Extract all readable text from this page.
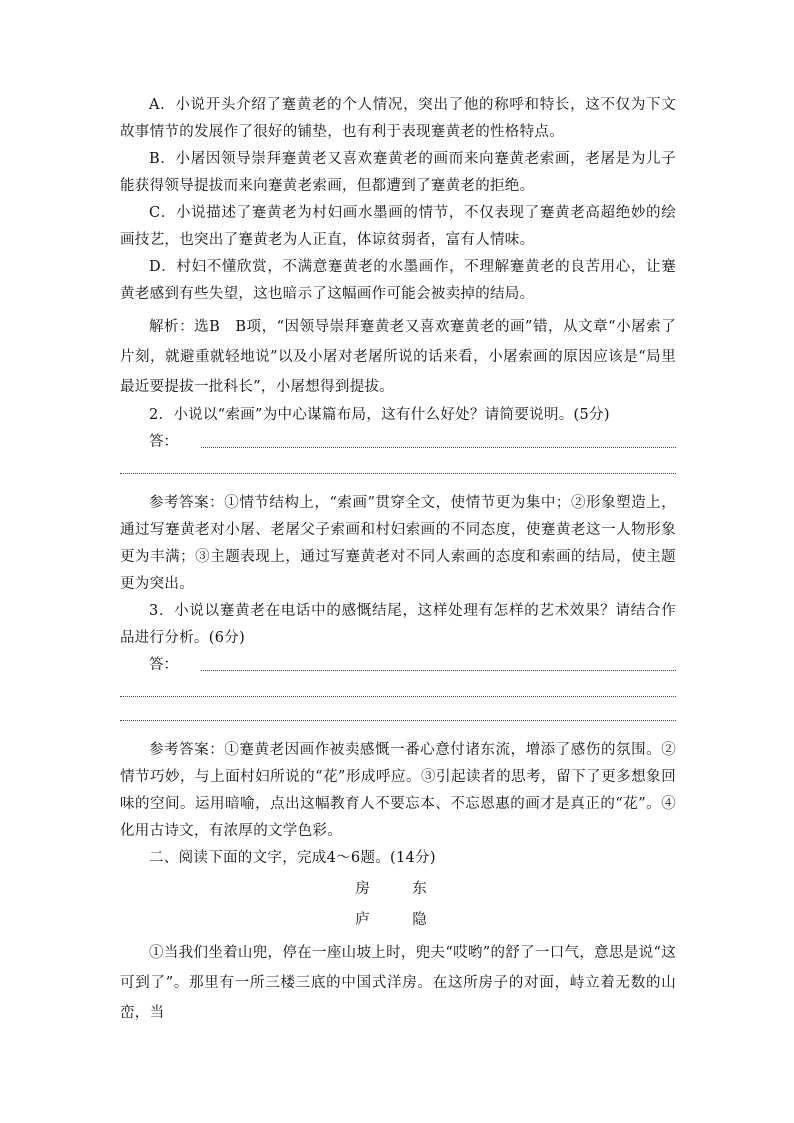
A．小说开头介绍了蹇黄老的个人情况，突出了他的称呼和特长，这不仅为下文故事情节的发展作了很好的铺垫，也有利于表现蹇黄老的性格特点。

B．小屠因领导崇拜蹇黄老又喜欢蹇黄老的画而来向蹇黄老索画，老屠是为儿子能获得领导提拔而来向蹇黄老索画，但都遭到了蹇黄老的拒绝。

C．小说描述了蹇黄老为村妇画水墨画的情节，不仅表现了蹇黄老高超绝妙的绘画技艺，也突出了蹇黄老为人正直，体谅贫弱者，富有人情味。

D．村妇不懂欣赏，不满意蹇黄老的水墨画作，不理解蹇黄老的良苦用心，让蹇黄老感到有些失望，这也暗示了这幅画作可能会被卖掉的结局。

解析：选B　B项，“因领导崇拜蹇黄老又喜欢蹇黄老的画”错，从文章“小屠索了片刻，就避重就轻地说”以及小屠对老屠所说的话来看，小屠索画的原因应该是“局里最近要提拔一批科长”，小屠想得到提拔。

2．小说以“索画”为中心谋篇布局，这有什么好处？请简要说明。(5分)

答：

参考答案：①情节结构上，“索画”贯穿全文，使情节更为集中；②形象塑造上，通过写蹇黄老对小屠、老屠父子索画和村妇索画的不同态度，使蹇黄老这一人物形象更为丰满；③主题表现上，通过写蹇黄老对不同人索画的态度和索画的结局，使主题更为突出。

3．小说以蹇黄老在电话中的感慨结尾，这样处理有怎样的艺术效果？请结合作品进行分析。(6分)

答：

参考答案：①蹇黄老因画作被卖感慨一番心意付诸东流，增添了感伤的氛围。②情节巧妙，与上面村妇所说的“花”形成呼应。③引起读者的思考，留下了更多想象回味的空间。运用暗喻，点出这幅教育人不要忘本、不忘恩惠的画才是真正的“花”。④化用古诗文，有浓厚的文学色彩。

二、阅读下面的文字，完成4～6题。(14分)

房　东

庐　隐

①当我们坐着山兜，停在一座山坡上时，兜夫“哎哟”的舒了一口气，意思是说“这可到了”。那里有一所三楼三底的中国式洋房。在这所房子的对面，峙立着无数的山峦，当
